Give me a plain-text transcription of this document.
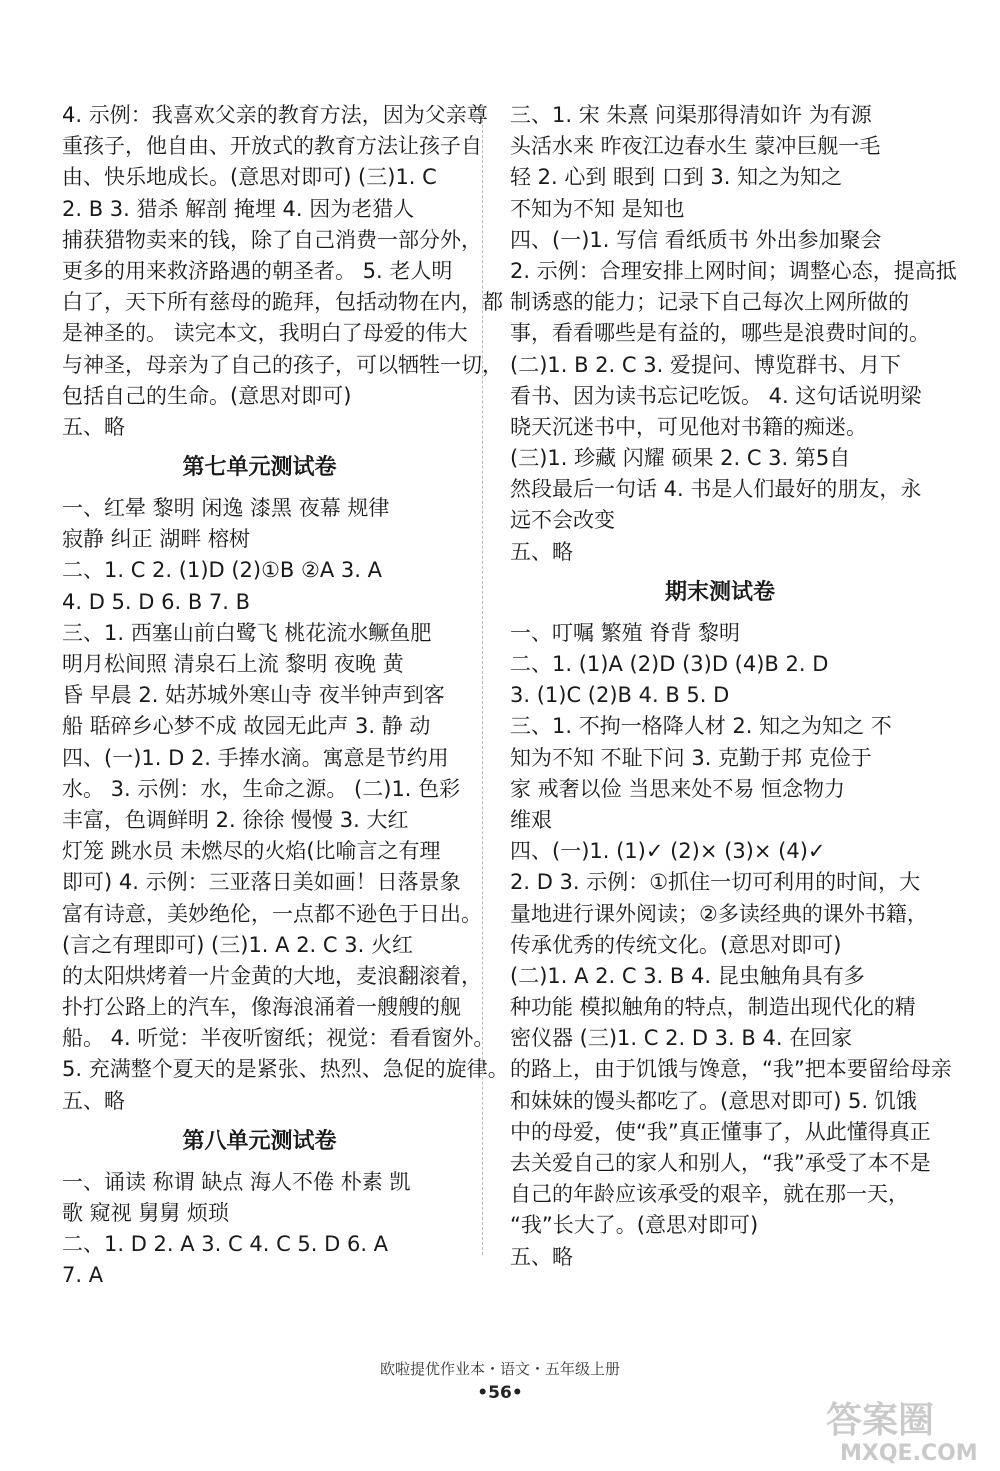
4. 示例：我喜欢父亲的教育方法，因为父亲尊
重孩子，他自由、开放式的教育方法让孩子自
由、快乐地成长。(意思对即可) (三)1. C
2. B 3. 猎杀 解剖 掩埋 4. 因为老猎人
捕获猎物卖来的钱，除了自己消费一部分外，
更多的用来救济路遇的朝圣者。 5. 老人明
白了，天下所有慈母的跪拜，包括动物在内，都
是神圣的。 读完本文，我明白了母爱的伟大
与神圣，母亲为了自己的孩子，可以牺牲一切，
包括自己的生命。(意思对即可)
五、略
第七单元测试卷
一、红晕 黎明 闲逸 漆黑 夜幕 规律
寂静 纠正 湖畔 榕树
二、1. C 2. (1)D (2)①B ②A 3. A
4. D 5. D 6. B 7. B
三、1. 西塞山前白鹭飞 桃花流水鳜鱼肥
明月松间照 清泉石上流 黎明 夜晚 黄
昏 早晨 2. 姑苏城外寒山寺 夜半钟声到客
船 聒碎乡心梦不成 故园无此声 3. 静 动
四、(一)1. D 2. 手捧水滴。寓意是节约用
水。 3. 示例：水，生命之源。 (二)1. 色彩
丰富，色调鲜明 2. 徐徐 慢慢 3. 大红
灯笼 跳水员 未燃尽的火焰(比喻言之有理
即可) 4. 示例：三亚落日美如画！日落景象
富有诗意，美妙绝伦，一点都不逊色于日出。
(言之有理即可) (三)1. A 2. C 3. 火红
的太阳烘烤着一片金黄的大地，麦浪翻滚着，
扑打公路上的汽车，像海浪涌着一艘艘的舰
船。 4. 听觉：半夜听窗纸；视觉：看看窗外。
5. 充满整个夏天的是紧张、热烈、急促的旋律。
五、略
第八单元测试卷
一、诵读 称谓 缺点 海人不倦 朴素 凯
歌 窥视 舅舅 烦琐
二、1. D 2. A 3. C 4. C 5. D 6. A
7. A
三、1. 宋 朱熹 问渠那得清如许 为有源
头活水来 昨夜江边春水生 蒙冲巨舰一毛
轻 2. 心到 眼到 口到 3. 知之为知之
不知为不知 是知也
四、(一)1. 写信 看纸质书 外出参加聚会
2. 示例：合理安排上网时间；调整心态，提高抵
制诱惑的能力；记录下自己每次上网所做的
事，看看哪些是有益的，哪些是浪费时间的。
(二)1. B 2. C 3. 爱提问、博览群书、月下
看书、因为读书忘记吃饭。 4. 这句话说明梁
晓天沉迷书中，可见他对书籍的痴迷。
(三)1. 珍藏 闪耀 硕果 2. C 3. 第5自
然段最后一句话 4. 书是人们最好的朋友，永
远不会改变
五、略
期末测试卷
一、叮嘱 繁殖 脊背 黎明
二、1. (1)A (2)D (3)D (4)B 2. D
3. (1)C (2)B 4. B 5. D
三、1. 不拘一格降人材 2. 知之为知之 不
知为不知 不耻下问 3. 克勤于邦 克俭于
家 戒奢以俭 当思来处不易 恒念物力
维艰
四、(一)1. (1)✓ (2)× (3)× (4)✓
2. D 3. 示例：①抓住一切可利用的时间，大
量地进行课外阅读；②多读经典的课外书籍，
传承优秀的传统文化。(意思对即可)
(二)1. A 2. C 3. B 4. 昆虫触角具有多
种功能 模拟触角的特点，制造出现代化的精
密仪器 (三)1. C 2. D 3. B 4. 在回家
的路上，由于饥饿与馋意，“我”把本要留给母亲
和妹妹的馒头都吃了。(意思对即可) 5. 饥饿
中的母爱，使“我”真正懂事了，从此懂得真正
去关爱自己的家人和别人，“我”承受了本不是
自己的年龄应该承受的艰辛，就在那一天，
“我”长大了。(意思对即可)
五、略
欧啦提优作业本・语文・五年级上册
•56•
答案圈
MXQE.COM
